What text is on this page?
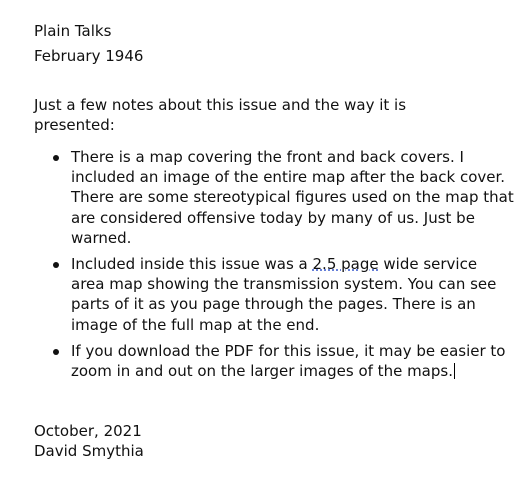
Plain Talks

February 1946

Just a few notes about this issue and the way it is presented:

There is a map covering the front and back covers. I included an image of the entire map after the back cover. There are some stereotypical figures used on the map that are considered offensive today by many of us. Just be warned.
Included inside this issue was a 2.5 page wide service area map showing the transmission system. You can see parts of it as you page through the pages. There is an image of the full map at the end.
If you download the PDF for this issue, it may be easier to zoom in and out on the larger images of the maps.

October, 2021

David Smythia
